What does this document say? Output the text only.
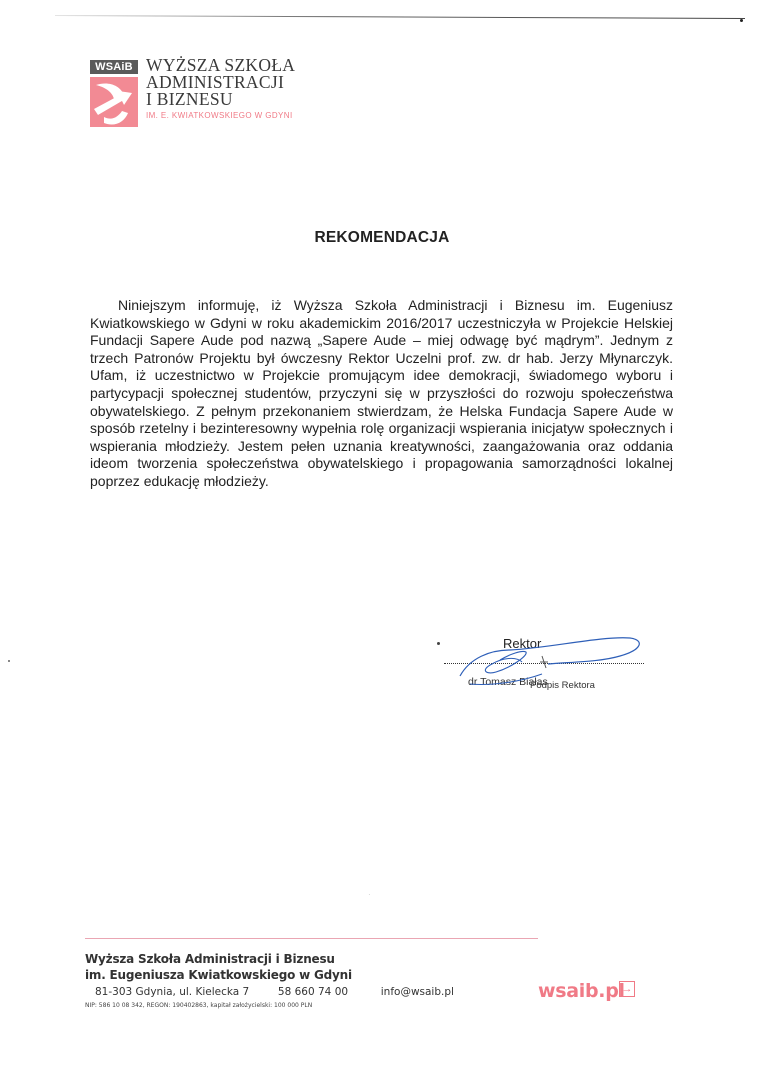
WSAiB WYŻSZA SZKOŁA
ADMINISTRACJI
I BIZNESU
IM. E. KWIATKOWSKIEGO W GDYNI
REKOMENDACJA

Niniejszym informuję, iż Wyższa Szkoła Administracji i Biznesu im. Eugeniusz Kwiatkowskiego w Gdyni w roku akademickim 2016/2017 uczestniczyła w Projekcie Helskiej Fundacji Sapere Aude pod nazwą „Sapere Aude – miej odwagę być mądrym”. Jednym z trzech Patronów Projektu był ówczesny Rektor Uczelni prof. zw. dr hab. Jerzy Młynarczyk. Ufam, iż uczestnictwo w Projekcie promującym idee demokracji, świadomego wyboru i partycypacji społecznej studentów, przyczyni się w przyszłości do rozwoju społeczeństwa obywatelskiego. Z pełnym przekonaniem stwierdzam, że Helska Fundacja Sapere Aude w sposób rzetelny i bezinteresowny wypełnia rolę organizacji wspierania inicjatyw społecznych i wspierania młodzieży. Jestem pełen uznania kreatywności, zaangażowania oraz oddania ideom tworzenia społeczeństwa obywatelskiego i propagowania samorządności lokalnej poprzez edukację młodzieży.

Rektor
dr Tomasz Białas
Podpis Rektora
·
Wyższa Szkoła Administracji i Biznesu
im. Eugeniusza Kwiatkowskiego w Gdyni
81-303 Gdynia, ul. Kielecka 7	58 660 74 00	info@wsaib.pl
NIP: 586 10 08 342, REGON: 190402863, kapitał założycielski: 100 000 PLN
wsaib.pl
→
